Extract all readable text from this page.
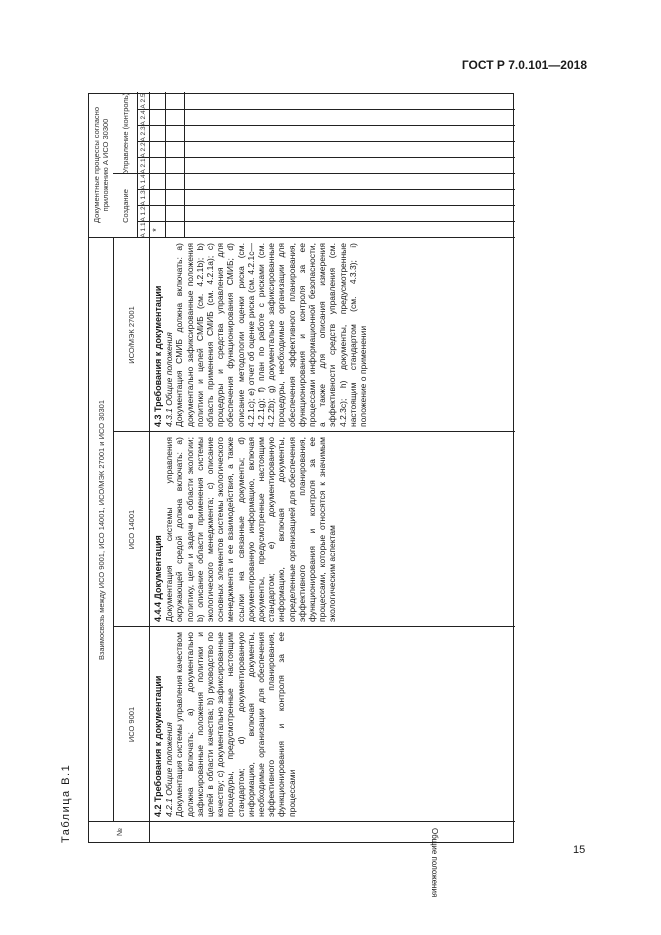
ГОСТ Р 7.0.101—2018
15
Таблица В.1	№
Взаимосвязь между ИСО 9001, ИСО 14001, ИСО/МЭК 27001 и ИСО 30301
ИСО 9001
ИСО 14001
ИСО/МЭК 27001
Документные процессы согласно приложению А ИСО 30300	Создание
Управление (контроль)
А 1.1
А 1.2
А 1.3
А 1.4
А 2.1
А 2.2
А 2.3
А 2.4
А 2.5
Общие положения
4.2 Требования к документации 4.2.1 Общие положения Документация системы управления качеством должна включать: а) документально зафиксированные положения политики и целей в области качества; b) руководство по качеству; с) документально зафиксированные процедуры, предусмотренные настоящим стандартом; d) документированную информацию, включая документы, необходимые организации для обеспечения эффективного планирования, функционирования и контроля за ее процессами

4.4.4 Документация Документация системы управления окружающей средой должна включать: а) политику, цели и задачи в области экологии; b) описание области применения системы экологического менеджмента; с) описание основных элементов системы экологического менеджмента и ее взаимодействия, а также ссылки на связанные документы; d) документированную информацию, включая документы, предусмотренные настоящим стандартом; е) документированную информацию, включая документы, определенные организацией для обеспечения эффективного планирования, функционирования и контроля за ее процессами, которые относятся к значимым экологическим аспектам

4.3 Требования к документации 4.3.1 Общие положения Документация СМИБ должна включать: а) документально зафиксированные положения политики и целей СМИБ (см. 4.2.1b); b) область применения СМИБ (см. 4.2.1а); с) процедуры и средства управления для обеспечения функционирования СМИБ; d) описание методологии оценки риска (см. 4.2.1с); е) отчет об оценке риска (см. 4.2.1с—4.2.1g); f) план по работе с рисками (см. 4.2.2b); g) документально зафиксированные процедуры, необходимые организации для обеспечения эффективного планирования, функционирования и контроля за ее процессами информационной безопасности, а также для описания измерения эффективности средств управления (см. 4.2.3с); h) документы, предусмотренные настоящим стандартом (см. 4.3.3); i) положение о применении

*
